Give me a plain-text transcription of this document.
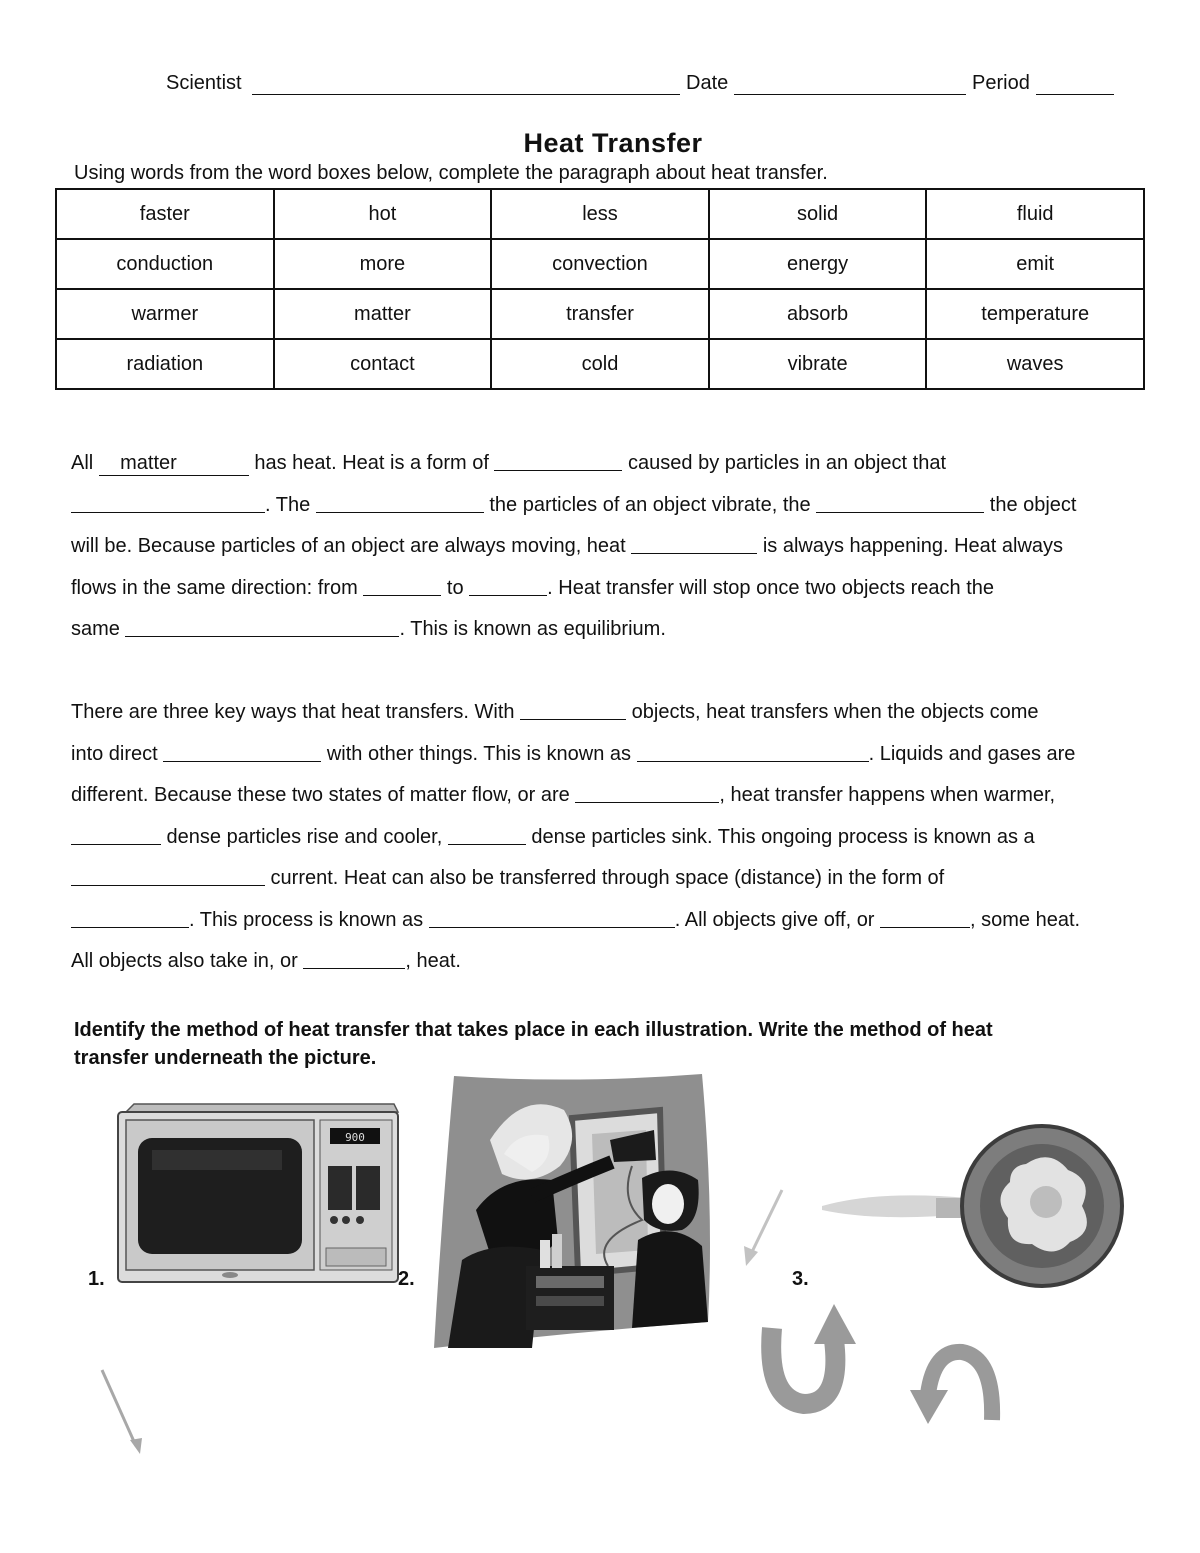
Scientist	Date	Period
Heat Transfer
Using words from the word boxes below, complete the paragraph about heat transfer.
faster	hot	less	solid	fluid
conduction	more	convection	energy	emit
warmer	matter	transfer	absorb	temperature
radiation	contact	cold	vibrate	waves

All matter	has heat. Heat is a form of	caused by particles in an object that

. The	the particles of an object vibrate, the	the object

will be. Because particles of an object are always moving, heat	is always happening. Heat always

flows in the same direction: from	to	. Heat transfer will stop once two objects reach the

same	. This is known as equilibrium.

There are three key ways that heat transfers. With	objects, heat transfers when the objects come

into direct	with other things. This is known as	. Liquids and gases are

different. Because these two states of matter flow, or are	, heat transfer happens when warmer,

dense particles rise and cooler,	dense particles sink. This ongoing process is known as a

current. Heat can also be transferred through space (distance) in the form of

. This process is known as	. All objects give off, or	, some heat.

All objects also take in, or	, heat.

Identify the method of heat transfer that takes place in each illustration. Write the method of heat transfer underneath the picture.
900
1.	2.	3.
